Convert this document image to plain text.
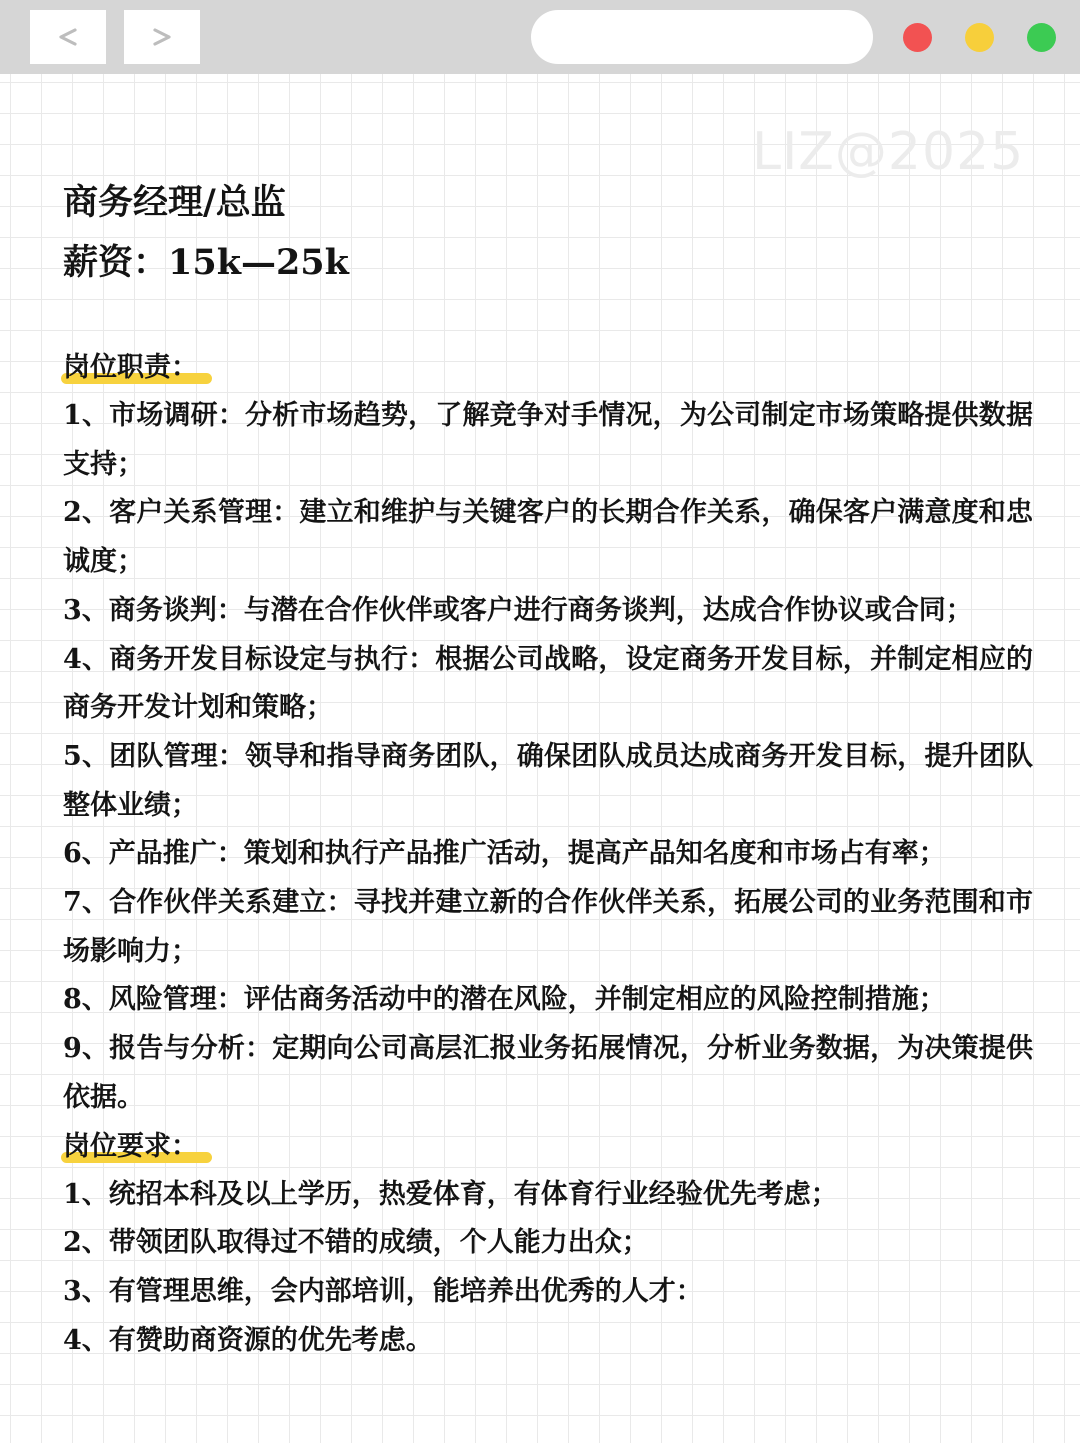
LIZ@2025
商务经理/总监
薪资：15k—25k
岗位职责：
1、市场调研：分析市场趋势，了解竞争对手情况，为公司制定市场策略提供数据支持；
2、客户关系管理：建立和维护与关键客户的长期合作关系，确保客户满意度和忠诚度；
3、商务谈判：与潜在合作伙伴或客户进行商务谈判，达成合作协议或合同；
4、商务开发目标设定与执行：根据公司战略，设定商务开发目标，并制定相应的商务开发计划和策略；
5、团队管理：领导和指导商务团队，确保团队成员达成商务开发目标，提升团队整体业绩；
6、产品推广：策划和执行产品推广活动，提高产品知名度和市场占有率；
7、合作伙伴关系建立：寻找并建立新的合作伙伴关系，拓展公司的业务范围和市场影响力；
8、风险管理：评估商务活动中的潜在风险，并制定相应的风险控制措施；
9、报告与分析：定期向公司高层汇报业务拓展情况，分析业务数据，为决策提供依据。
岗位要求：
1、统招本科及以上学历，热爱体育，有体育行业经验优先考虑；
2、带领团队取得过不错的成绩，个人能力出众；
3、有管理思维，会内部培训，能培养出优秀的人才：
4、有赞助商资源的优先考虑。
